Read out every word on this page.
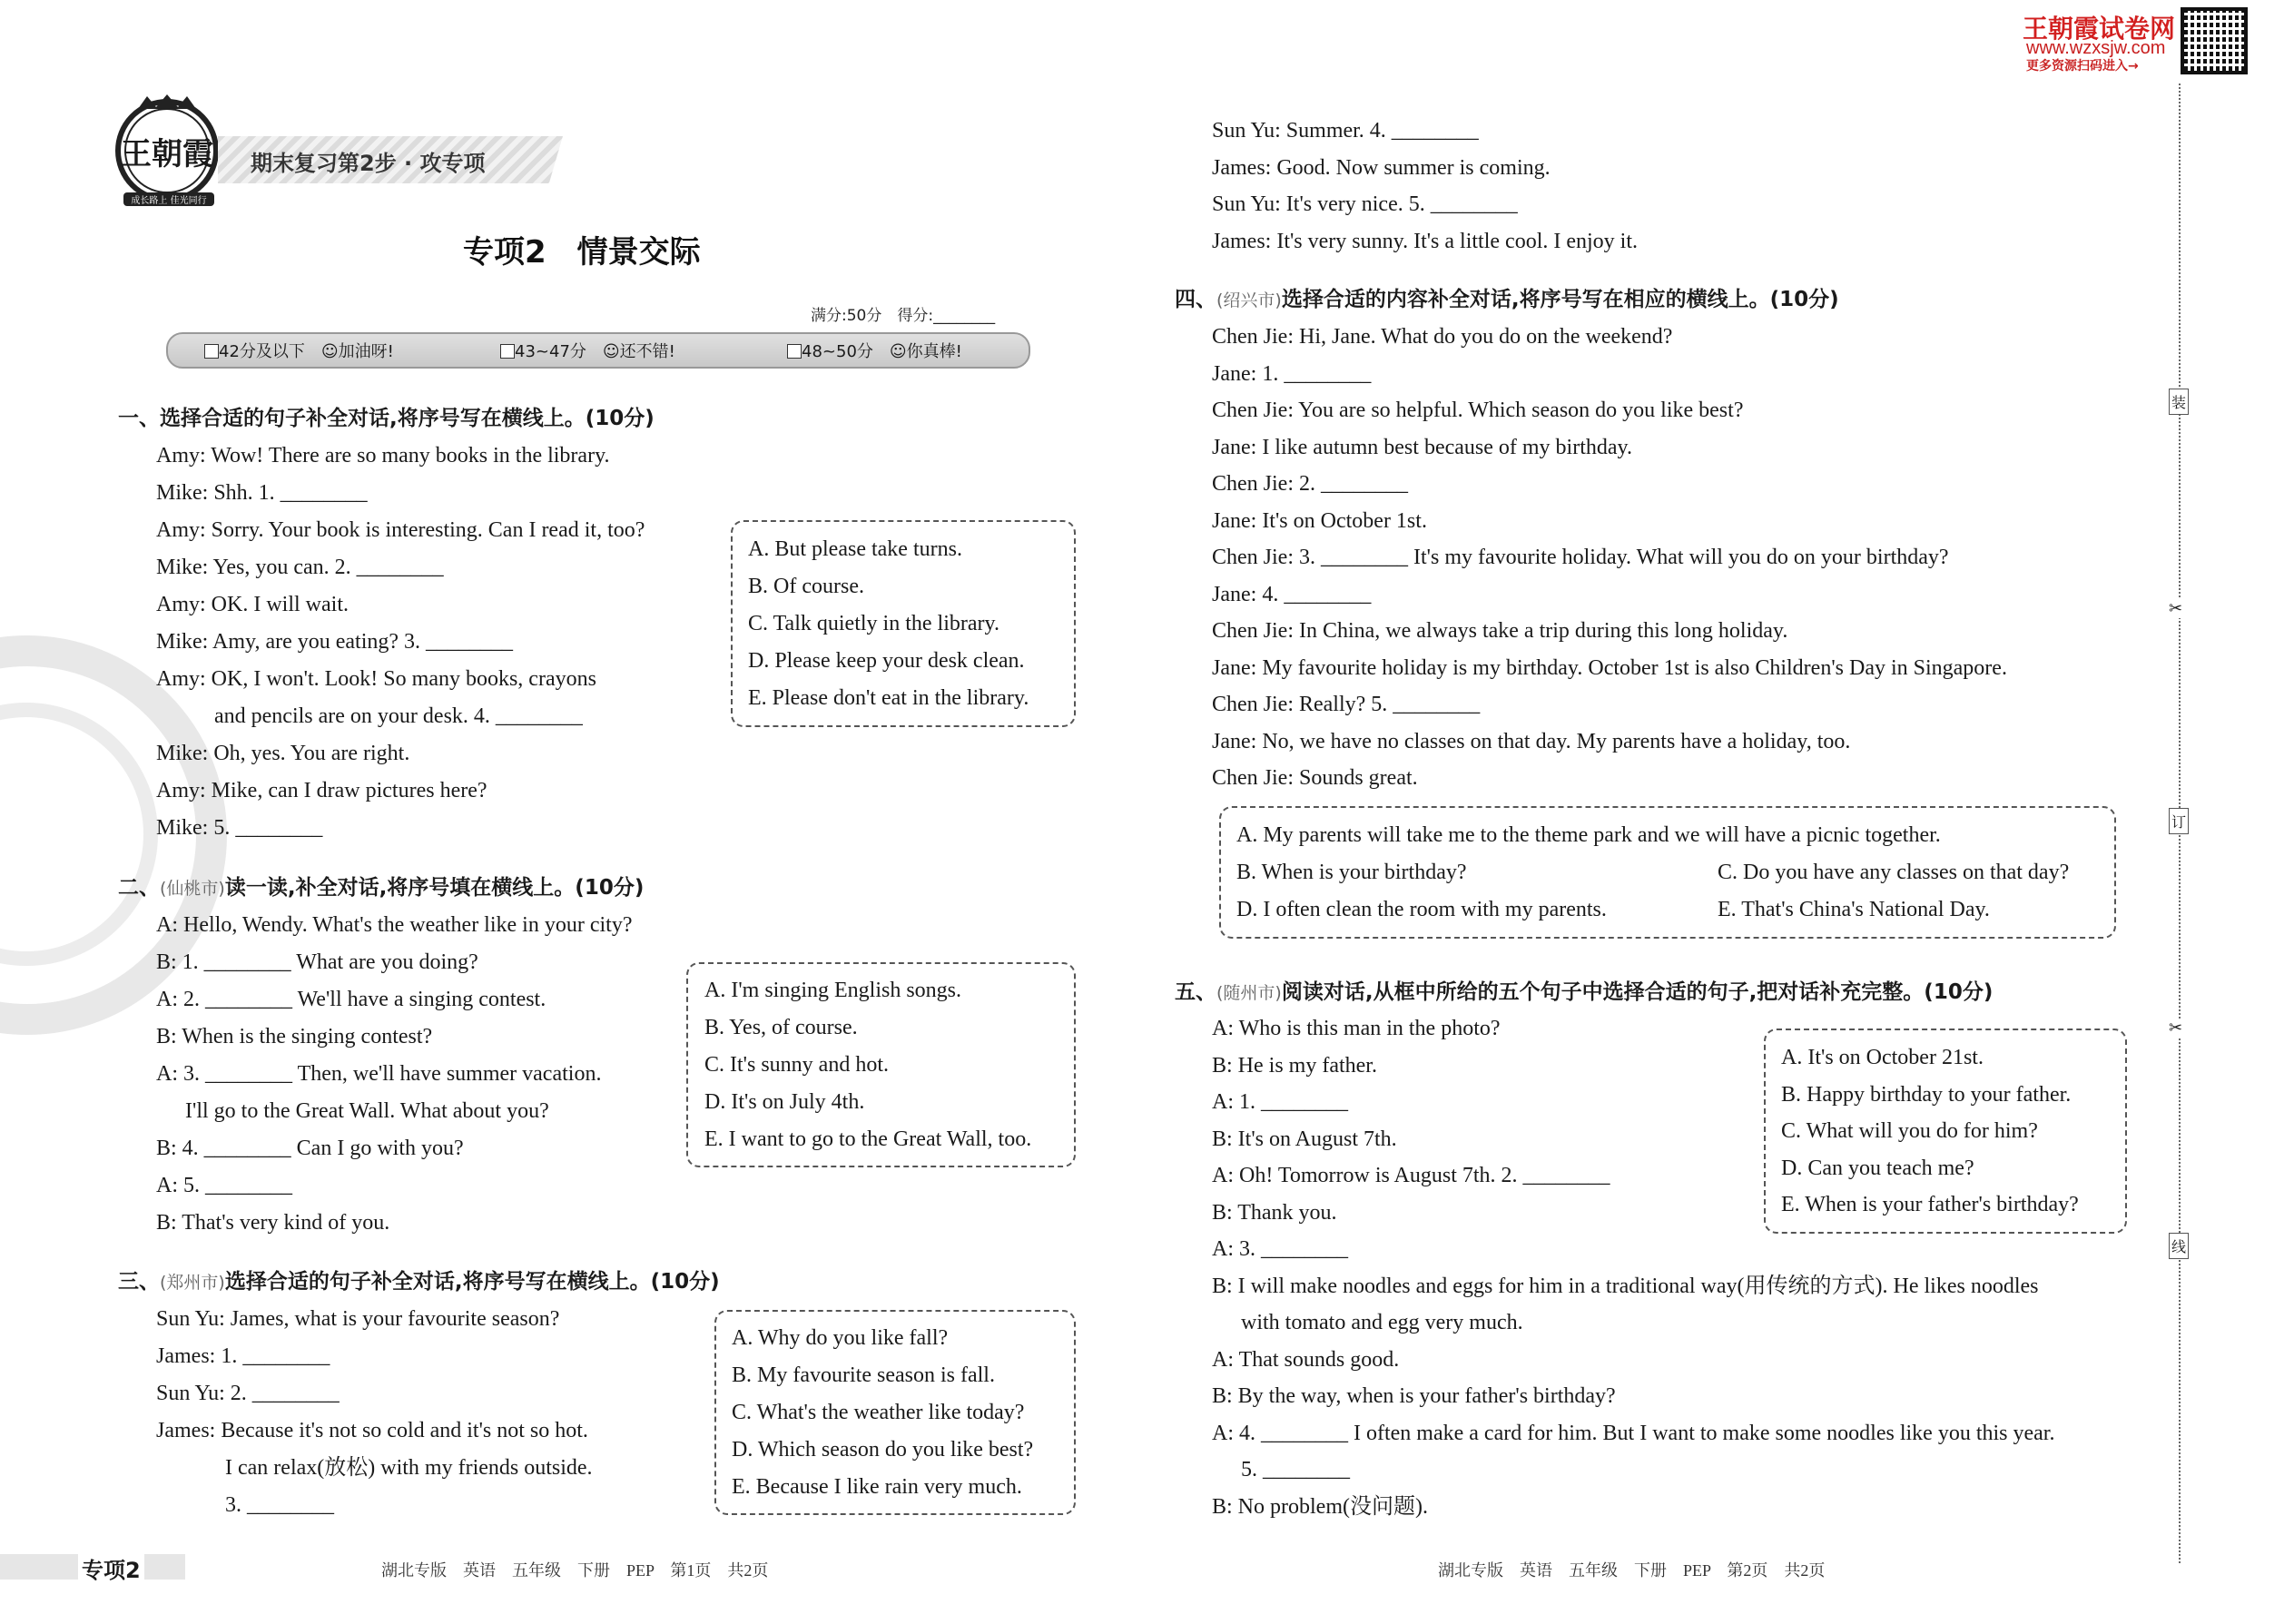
王朝霞
成长路上 佳光同行
期末复习第2步 · 攻专项
专项2　情景交际
满分:50分　得分:________
42分及以下　 ☺加油呀!	43~47分　 ☺还不错!	48~50分　 ☺你真棒!
王朝霞试卷网
www.wzxsjw.com
更多资源扫码进入→
装
✂
订
✂
线
一、选择合适的句子补全对话,将序号写在横线上。(10分)
Amy: Wow! There are so many books in the library.
Mike: Shh. 1. ________
Amy: Sorry. Your book is interesting. Can I read it, too?
Mike: Yes, you can. 2. ________
Amy: OK. I will wait.
Mike: Amy, are you eating? 3. ________
Amy: OK, I won't. Look! So many books, crayons
and pencils are on your desk. 4. ________
Mike: Oh, yes. You are right.
Amy: Mike, can I draw pictures here?
Mike: 5. ________
A. But please take turns.
B. Of course.
C. Talk quietly in the library.
D. Please keep your desk clean.
E. Please don't eat in the library.
二、(仙桃市)读一读,补全对话,将序号填在横线上。(10分)
A: Hello, Wendy. What's the weather like in your city?
B: 1. ________ What are you doing?
A: 2. ________ We'll have a singing contest.
B: When is the singing contest?
A: 3. ________ Then, we'll have summer vacation.
I'll go to the Great Wall. What about you?
B: 4. ________ Can I go with you?
A: 5. ________
B: That's very kind of you.
A. I'm singing English songs.
B. Yes, of course.
C. It's sunny and hot.
D. It's on July 4th.
E. I want to go to the Great Wall, too.
三、(郑州市)选择合适的句子补全对话,将序号写在横线上。(10分)
Sun Yu: James, what is your favourite season?
James: 1. ________
Sun Yu: 2. ________
James: Because it's not so cold and it's not so hot.
I can relax(放松) with my friends outside.
3. ________
A. Why do you like fall?
B. My favourite season is fall.
C. What's the weather like today?
D. Which season do you like best?
E. Because I like rain very much.
Sun Yu: Summer. 4. ________
James: Good. Now summer is coming.
Sun Yu: It's very nice. 5. ________
James: It's very sunny. It's a little cool. I enjoy it.
四、(绍兴市)选择合适的内容补全对话,将序号写在相应的横线上。(10分)
Chen Jie: Hi, Jane. What do you do on the weekend?
Jane: 1. ________
Chen Jie: You are so helpful. Which season do you like best?
Jane: I like autumn best because of my birthday.
Chen Jie: 2. ________
Jane: It's on October 1st.
Chen Jie: 3. ________ It's my favourite holiday. What will you do on your birthday?
Jane: 4. ________
Chen Jie: In China, we always take a trip during this long holiday.
Jane: My favourite holiday is my birthday. October 1st is also Children's Day in Singapore.
Chen Jie: Really? 5. ________
Jane: No, we have no classes on that day. My parents have a holiday, too.
Chen Jie: Sounds great.
A. My parents will take me to the theme park and we will have a picnic together.
B. When is your birthday?	C. Do you have any classes on that day?
D. I often clean the room with my parents.	E. That's China's National Day.
五、(随州市)阅读对话,从框中所给的五个句子中选择合适的句子,把对话补充完整。(10分)
A: Who is this man in the photo?
B: He is my father.
A: 1. ________
B: It's on August 7th.
A: Oh! Tomorrow is August 7th. 2. ________
B: Thank you.
A: 3. ________
B: I will make noodles and eggs for him in a traditional way(用传统的方式). He likes noodles
with tomato and egg very much.
A: That sounds good.
B: By the way, when is your father's birthday?
A: 4. ________ I often make a card for him. But I want to make some noodles like you this year.
5. ________
B: No problem(没问题).
A. It's on October 21st.
B. Happy birthday to your father.
C. What will you do for him?
D. Can you teach me?
E. When is your father's birthday?
专项2	湖北专版　英语　五年级　下册　PEP　第1页　共2页	湖北专版　英语　五年级　下册　PEP　第2页　共2页
